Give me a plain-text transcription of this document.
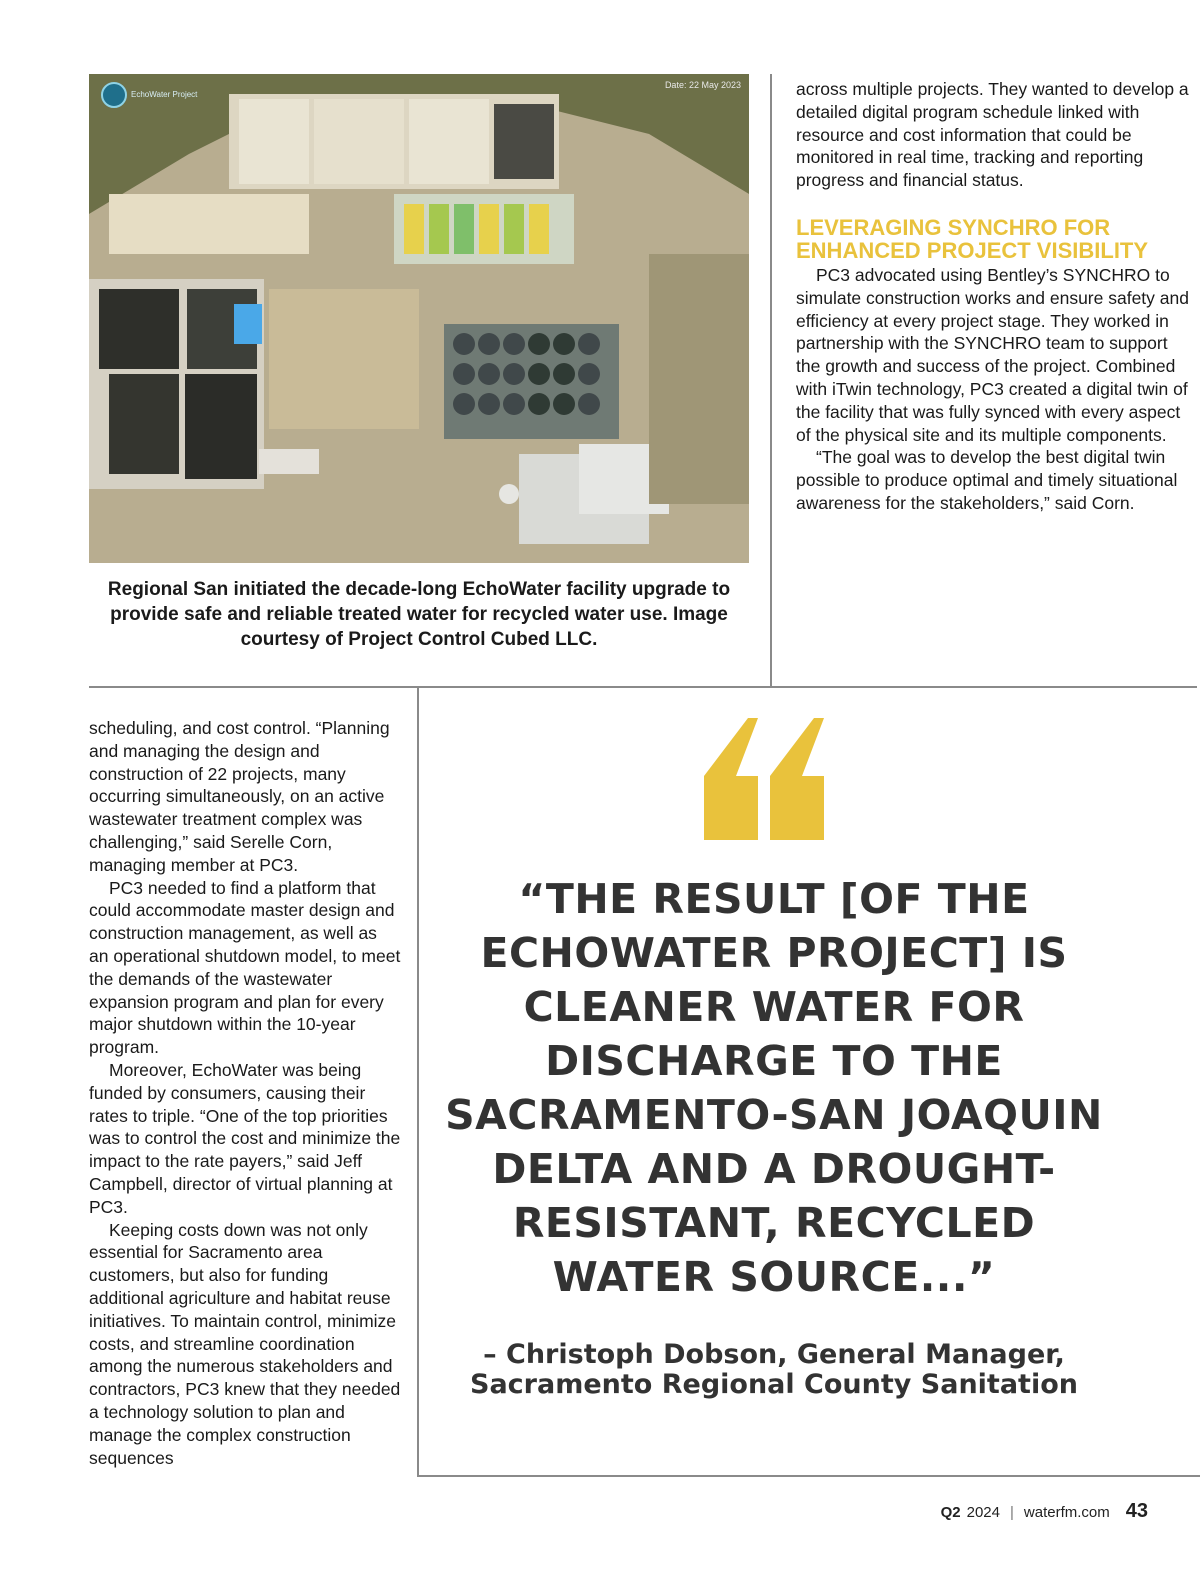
EchoWater Project
Date: 22 May 2023
Regional San initiated the decade-long EchoWater facility upgrade to provide safe and reliable treated water for recycled water use. Image courtesy of Project Control Cubed LLC.

across multiple projects. They wanted to develop a detailed digital program schedule linked with resource and cost information that could be monitored in real time, tracking and reporting progress and financial status.

LEVERAGING SYNCHRO FOR ENHANCED PROJECT VISIBILITY

PC3 advocated using Bentley’s SYNCHRO to simulate construction works and ensure safety and efficiency at every project stage. They worked in partnership with the SYNCHRO team to support the growth and success of the project. Combined with iTwin technology, PC3 created a digital twin of the facility that was fully synced with every aspect of the physical site and its multiple components.

“The goal was to develop the best digital twin possible to produce optimal and timely situational awareness for the stakeholders,” said Corn.

scheduling, and cost control. “Planning and managing the design and construction of 22 projects, many occurring simultaneously, on an active wastewater treatment complex was challenging,” said Serelle Corn, managing member at PC3.

PC3 needed to find a platform that could accommodate master design and construction management, as well as an operational shutdown model, to meet the demands of the wastewater expansion program and plan for every major shutdown within the 10-year program.

Moreover, EchoWater was being funded by consumers, causing their rates to triple. “One of the top priorities was to control the cost and minimize the impact to the rate payers,” said Jeff Campbell, director of virtual planning at PC3.

Keeping costs down was not only essential for Sacramento area customers, but also for funding additional agriculture and habitat reuse initiatives. To maintain control, minimize costs, and streamline coordination among the numerous stakeholders and contractors, PC3 knew that they needed a technology solution to plan and manage the complex construction sequences

“THE RESULT [OF THE ECHOWATER PROJECT] IS CLEANER WATER FOR DISCHARGE TO THE SACRAMENTO-SAN JOAQUIN DELTA AND A DROUGHT-RESISTANT, RECYCLED WATER SOURCE...”
– Christoph Dobson, General Manager,
Sacramento Regional County Sanitation
Q2 2024 | waterfm.com 43
